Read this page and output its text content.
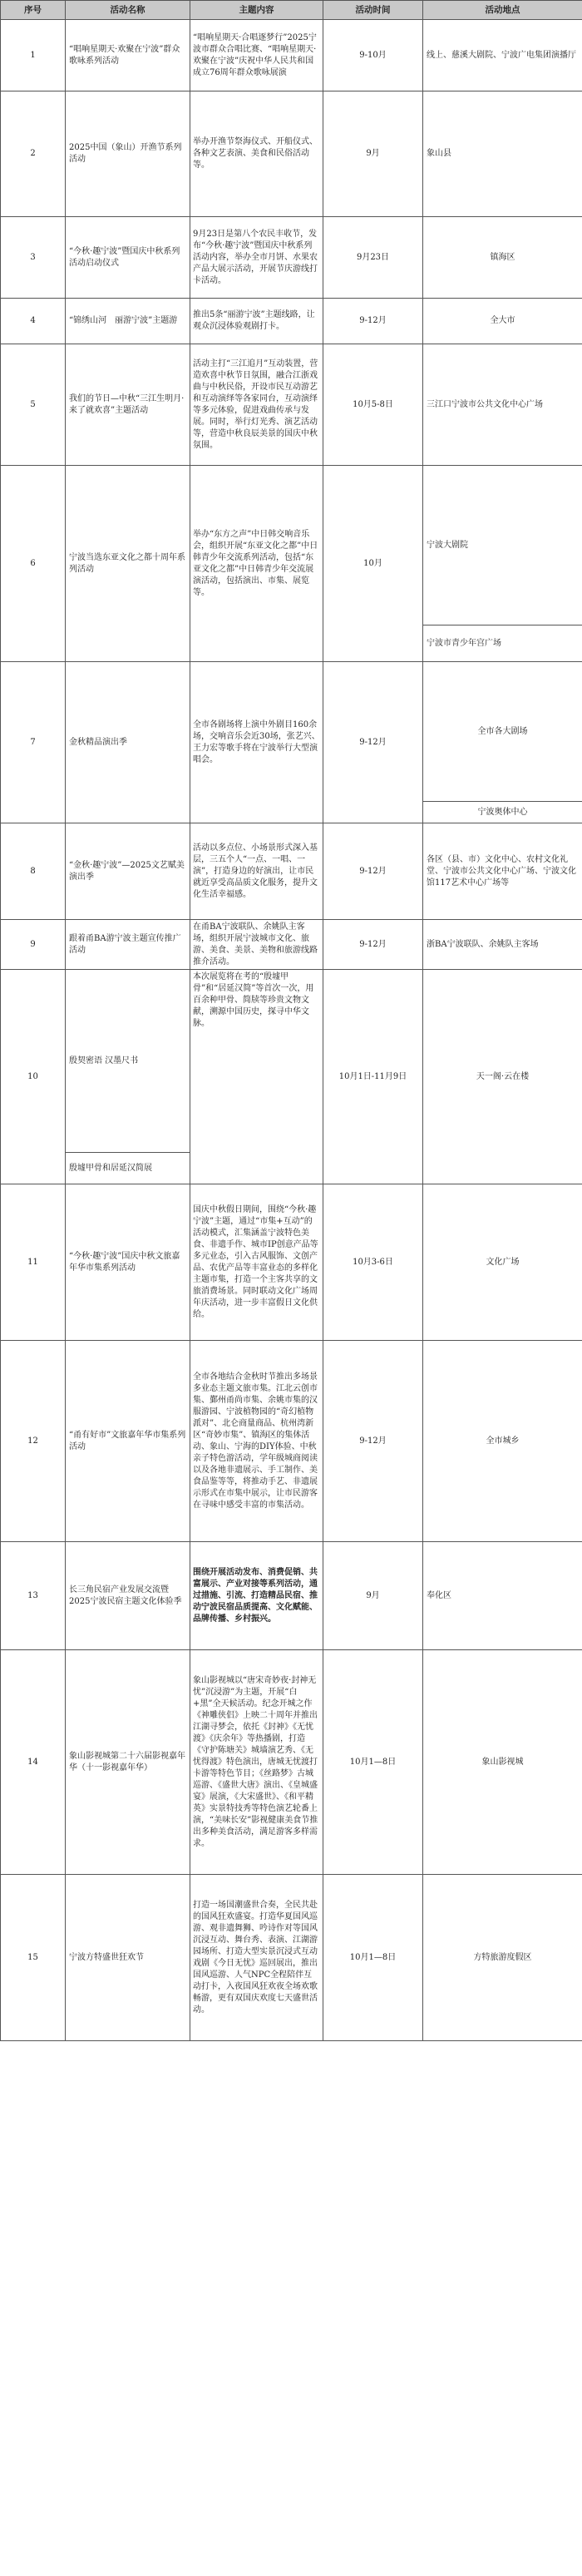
序号	活动名称	主题内容	活动时间	活动地点
1	“唱响星期天·欢聚在宁波”群众歌咏系列活动	“唱响星期天·合唱逐梦行”2025宁波市群众合唱比赛、“唱响星期天·欢聚在宁波”庆祝中华人民共和国成立76周年群众歌咏展演	9-10月	线上、慈溪大剧院、宁波广电集团演播厅
2	2025中国（象山）开渔节系列活动	举办开渔节祭海仪式、开船仪式、各种文艺表演、美食和民俗活动等。	9月	象山县
3	“今秋·趣宁波”暨国庆中秋系列活动启动仪式	9月23日是第八个农民丰收节，发布“今秋·趣宁波”暨国庆中秋系列活动内容，举办全市月饼、水果农产品大展示活动，开展节庆游线打卡活动。	9月23日	镇海区
4	“锦绣山河　丽游宁波”主题游	推出5条“丽游宁波”主题线路，让观众沉浸体验观剧打卡。	9-12月	全大市
5	我们的节日—中秋“三江生明月·来了就欢喜”主题活动	活动主打“三江追月”互动装置，营造欢喜中秋节日氛围，融合江浙戏曲与中秋民俗，开设市民互动游艺和互动演绎等各家同台，互动演绎等多元体验，促进戏曲传承与发展。同时，举行灯光秀、演艺活动等，营造中秋良辰美景的国庆中秋氛围。	10月5-8日	三江口宁波市公共文化中心广场
6	宁波当选东亚文化之都十周年系列活动	举办“东方之声”中日韩交响音乐会，组织开展“东亚文化之都”中日韩青少年交流系列活动，包括“东亚文化之都”中日韩青少年交流展演活动，包括演出、市集、展览等。	10月	宁波大剧院
				宁波市青少年宫广场
7	金秋精品演出季	全市各剧场将上演中外剧目160余场，交响音乐会近30场，张艺兴、王力宏等歌手将在宁波举行大型演唱会。	9-12月	全市各大剧场
				宁波奥体中心
8	“金秋·趣宁波”—2025文艺赋美演出季	活动以多点位、小场景形式深入基层，三五个人“一点、一唱、一演”，打造身边的好演出，让市民就近享受高品质文化服务，提升文化生活幸福感。	9-12月	各区（县、市）文化中心、农村文化礼堂、宁波市公共文化中心广场、宁波文化馆117艺术中心广场等
9	跟着甬BA游宁波主题宣传推广活动	在甬BA宁波联队、余姚队主客场，组织开展宁波城市文化、旅游、美食、美景、美物和旅游线路推介活动。	9-12月	浙BA宁波联队、余姚队主客场
10	殷契密语 汉墨尺书	本次展览将在考的“殷墟甲骨”和“居延汉简”等首次一次，用百余种甲骨、简牍等珍贵文物文献，溯源中国历史，探寻中华文脉。	10月1日-11月9日	天一阁·云在楼
	殷墟甲骨和居延汉简展			
11	“今秋·趣宁波”国庆中秋文旅嘉年华市集系列活动	国庆中秋假日期间，围绕“今秋·趣宁波”主题，通过“市集+互动”的活动模式，汇集涵盖宁波特色美食、非遗手作、城市IP创意产品等多元业态，引入古风服饰、文创产品、农优产品等丰富业态的多样化主题市集，打造一个主客共享的文旅消费场景。同时联动文化广场周年庆活动，进一步丰富假日文化供给。	10月3-6日	文化广场
12	“甬有好市”文旅嘉年华市集系列活动	全市各地结合金秋时节推出多场景多业态主题文旅市集。江北云创市集、鄞州甬尚市集、余姚市集的汉服游园、宁波植物园的“奇幻植物派对”、北仑商量商品、杭州湾新区“奇妙市集”、镇海区的集体活动、象山、宁海的DIY体验、中秋亲子特色游活动，学年级城商阅读以及各地非遗展示、手工制作、美食品鉴等等，将推动手艺、非遗展示形式在市集中展示，让市民游客在寻味中感受丰富的市集活动。	9-12月	全市城乡
13	长三角民宿产业发展交流暨2025宁波民宿主题文化体验季	围绕开展活动发布、消费促销、共富展示、产业对接等系列活动，通过措施、引流、打造精品民宿、推动宁波民宿品质提高、文化赋能、品牌传播、乡村振兴。	9月	奉化区
14	象山影视城第二十六届影视嘉年华（十一影视嘉年华）	象山影视城以“唐宋奇妙夜·封神无忧”沉浸游”为主题，开展“白+黑”全天候活动。纪念开城之作《神雕侠侣》上映二十周年并推出江湖寻梦会，依托《封神》《无忧渡》《庆余年》等热播剧，打造《守护陈塘关》城墙演艺秀、《无忧得渡》特色演出，唐城无忧渡打卡游等特色节目；《丝路梦》古城巡游、《盛世大唐》演出、《皇城盛宴》展演，《大宋盛世》、《和平精英》实景特技秀等特色演艺轮番上演，“美味长安”影视健康美食节推出多种美食活动，满足游客多样需求。	10月1—8日	象山影视城
15	宁波方特盛世狂欢节	打造一场国潮盛世合奏，全民共赴的国风狂欢盛宴。打造华夏国风巡游、观非遗舞狮、吟诗作对等国风沉浸互动、舞台秀、表演、江湖游园场所、打造大型实景沉浸式互动戏剧《今日无忧》巡回展出，推出国风巡游、人气NPC全程陪伴互动打卡，入夜国风狂欢夜全场欢歌畅游，更有双国庆欢度七天盛世活动。	10月1—8日	方特旅游度假区
